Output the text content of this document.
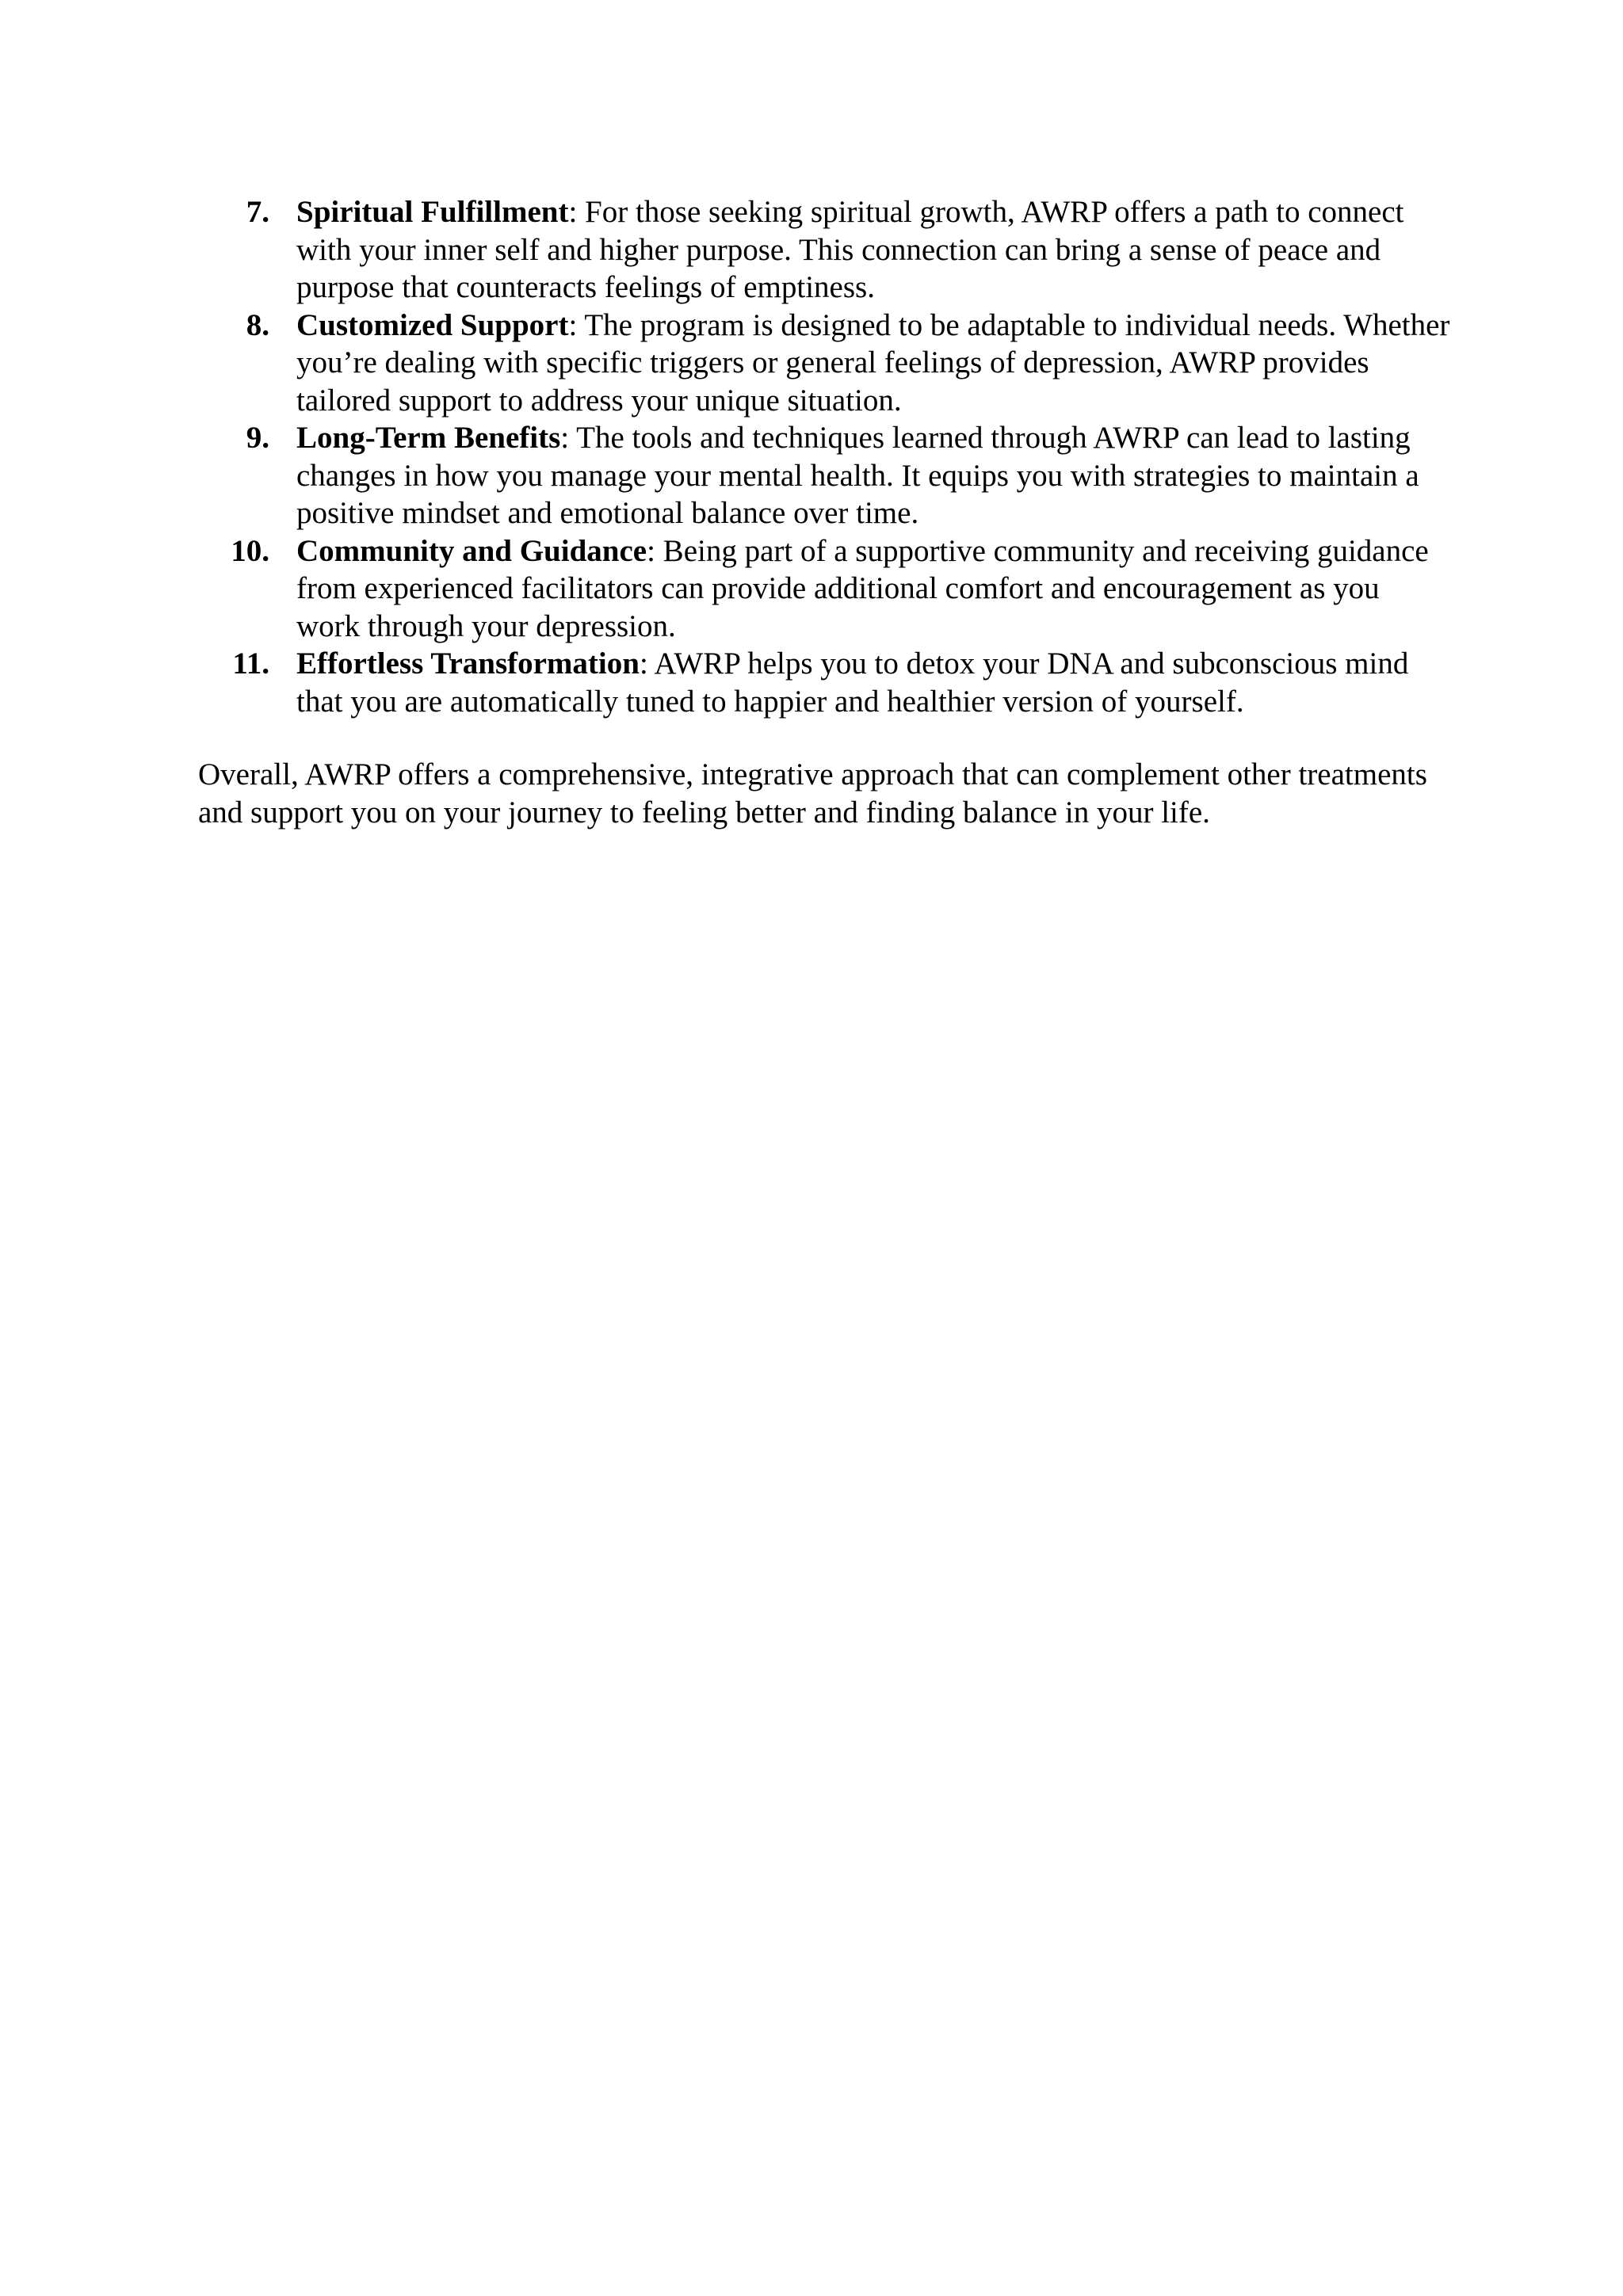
7. Spiritual Fulfillment: For those seeking spiritual growth, AWRP offers a path to connect with your inner self and higher purpose. This connection can bring a sense of peace and purpose that counteracts feelings of emptiness.
8. Customized Support: The program is designed to be adaptable to individual needs. Whether you’re dealing with specific triggers or general feelings of depression, AWRP provides tailored support to address your unique situation.
9. Long-Term Benefits: The tools and techniques learned through AWRP can lead to lasting changes in how you manage your mental health. It equips you with strategies to maintain a positive mindset and emotional balance over time.
10. Community and Guidance: Being part of a supportive community and receiving guidance from experienced facilitators can provide additional comfort and encouragement as you work through your depression.
11. Effortless Transformation: AWRP helps you to detox your DNA and subconscious mind that you are automatically tuned to happier and healthier version of yourself.

Overall, AWRP offers a comprehensive, integrative approach that can complement other treatments and support you on your journey to feeling better and finding balance in your life.
